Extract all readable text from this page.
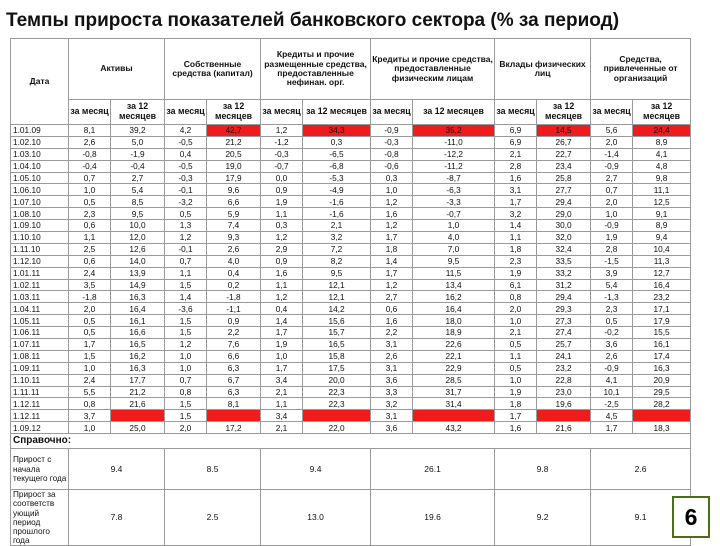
Темпы прироста показателей банковского сектора (% за период)
Дата	Активы		Собственные средства (капитал)		Кредиты и прочие размещенные средства, предоставленные нефинан. орг.		Кредиты и прочие средства, предоставленные физическим лицам		Вклады физических лиц		Средства, привлеченные от организаций	
	за месяц	за 12 месяцев	за месяц	за 12 месяцев	за месяц	за 12 месяцев	за месяц	за 12 месяцев	за месяц	за 12 месяцев	за месяц	за 12 месяцев
1.01.09	8,1	39,2	4,2	42,7	1,2	34,3	-0,9	35,2	6,9	14,5	5,6	24,4
1.02.10	2,6	5,0	-0,5	21,2	-1,2	0,3	-0,3	-11,0	6,9	26,7	2,0	8,9
1.03.10	-0,8	-1,9	0,4	20,5	-0,3	-6,5	-0,8	-12,2	2,1	22,7	-1,4	4,1
1.04.10	-0,4	-0,4	-0,5	19,0	-0,7	-6,8	-0,6	-11,2	2,8	23,4	-0,9	4,8
1.05.10	0,7	2,7	-0,3	17,9	0,0	-5,3	0,3	-8,7	1,6	25,8	2,7	9,8
1.06.10	1,0	5,4	-0,1	9,6	0,9	-4,9	1,0	-6,3	3,1	27,7	0,7	11,1
1.07.10	0,5	8,5	-3,2	6,6	1,9	-1,6	1,2	-3,3	1,7	29,4	2,0	12,5
1.08.10	2,3	9,5	0,5	5,9	1,1	-1,6	1,6	-0,7	3,2	29,0	1,0	9,1
1.09.10	0,6	10,0	1,3	7,4	0,3	2,1	1,2	1,0	1,4	30,0	-0,9	8,9
1.10.10	1,1	12,0	1,2	9,3	1,2	3,2	1,7	4,0	1,1	32,0	1,9	9,4
1.11.10	2,5	12,6	-0,1	2,6	2,9	7,2	1,8	7,0	1,8	32,4	2,8	10,4
1.12.10	0,6	14,0	0,7	4,0	0,9	8,2	1,4	9,5	2,3	33,5	-1,5	11,3
1.01.11	2,4	13,9	1,1	0,4	1,6	9,5	1,7	11,5	1,9	33,2	3,9	12,7
1.02.11	3,5	14,9	1,5	0,2	1,1	12,1	1,2	13,4	6,1	31,2	5,4	16,4
1.03.11	-1,8	16,3	1,4	-1,8	1,2	12,1	2,7	16,2	0,8	29,4	-1,3	23,2
1.04.11	2,0	16,4	-3,6	-1,1	0,4	14,2	0,6	16,4	2,0	29,3	2,3	17,1
1.05.11	0,5	16,1	1,5	0,9	1,4	15,6	1,6	18,0	1,0	27,3	0,5	17,9
1.06.11	0,5	16,6	1,5	2,2	1,7	15,7	2,2	18,9	2,1	27,4	-0,2	15,5
1.07.11	1,7	16,5	1,2	7,6	1,9	16,5	3,1	22,6	0,5	25,7	3,6	16,1
1.08.11	1,5	16,2	1,0	6,6	1,0	15,8	2,6	22,1	1,1	24,1	2,6	17,4
1.09.11	1,0	16,3	1,0	6,3	1,7	17,5	3,1	22,9	0,5	23,2	-0,9	16,3
1.10.11	2,4	17,7	0,7	6,7	3,4	20,0	3,6	28,5	1,0	22,8	4,1	20,9
1.11.11	5,5	21,2	0,8	6,3	2,1	22,3	3,3	31,7	1,9	23,0	10,1	29,5
1.12.11	0,8	21,6	1,5	8,1	1,1	22,3	3,2	31,4	1,8	19,6	-2,5	28,2
1.12.11	3,7		1,5		3,4		3,1		1,7		4,5	
1.09.12	1,0	25,0	2,0	17,2	2,1	22,0	3,6	43,2	1,6	21,6	1,7	18,3
Справочно:												
Прирост с начала текущего года	9.4		8.5		9.4		26.1		9.8		2.6	
Прирост за соответств ующий период прошлого года	7.8		2.5		13.0		19.6		9.2		9.1		6
